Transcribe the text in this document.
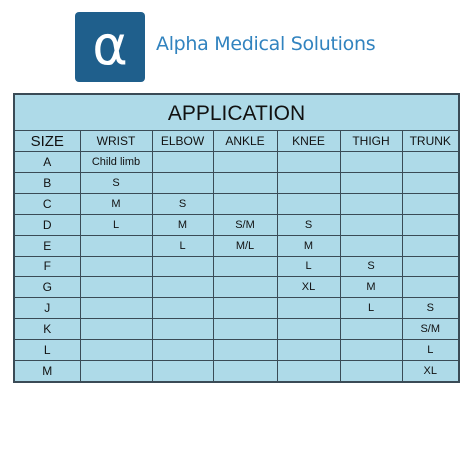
α Alpha Medical Solutions
APPLICATION
SIZE	WRIST	ELBOW	ANKLE	KNEE	THIGH	TRUNK
A	Child limb					
B	S					
C	M	S				
D	L	M	S/M	S		
E		L	M/L	M		
F				L	S	
G				XL	M	
J					L	S
K						S/M
L						L
M						XL
